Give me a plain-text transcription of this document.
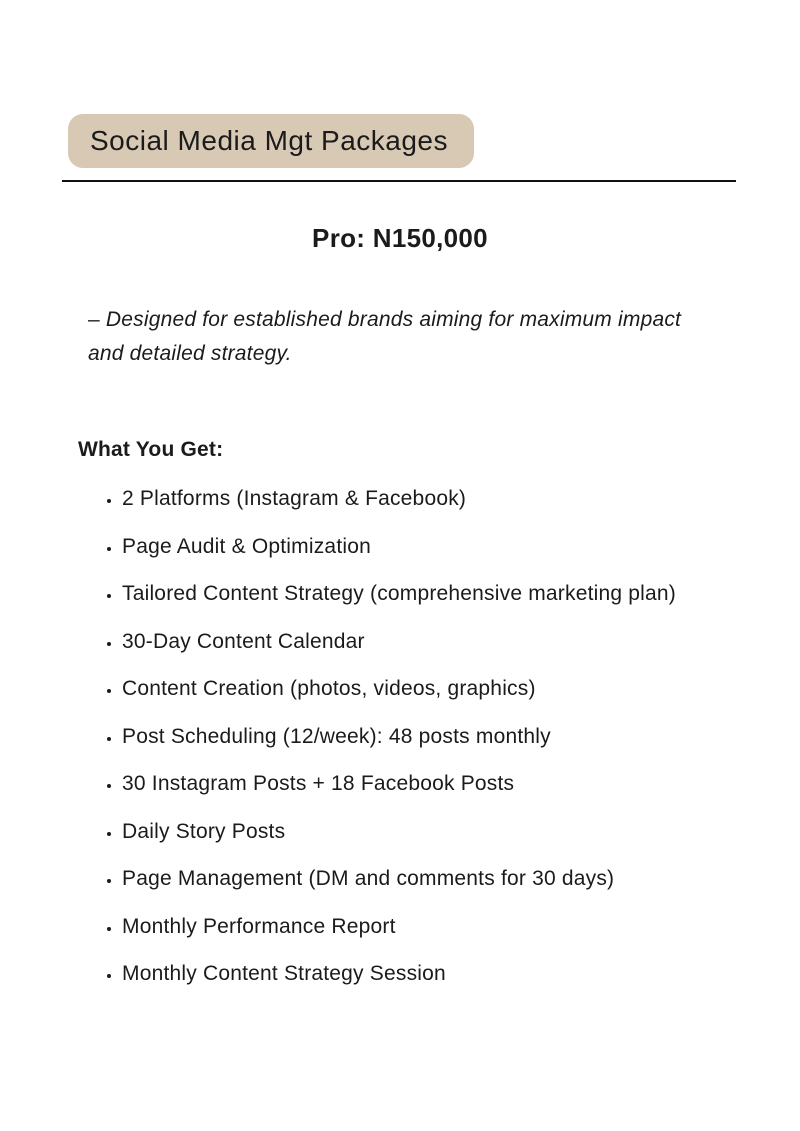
Social Media Mgt Packages
Pro: N150,000

– Designed for established brands aiming for maximum impact and detailed strategy.

What You Get:
• 2 Platforms (Instagram & Facebook)
• Page Audit & Optimization
• Tailored Content Strategy (comprehensive marketing plan)
• 30-Day Content Calendar
• Content Creation (photos, videos, graphics)
• Post Scheduling (12/week): 48 posts monthly
• 30 Instagram Posts + 18 Facebook Posts
• Daily Story Posts
• Page Management (DM and comments for 30 days)
• Monthly Performance Report
• Monthly Content Strategy Session
